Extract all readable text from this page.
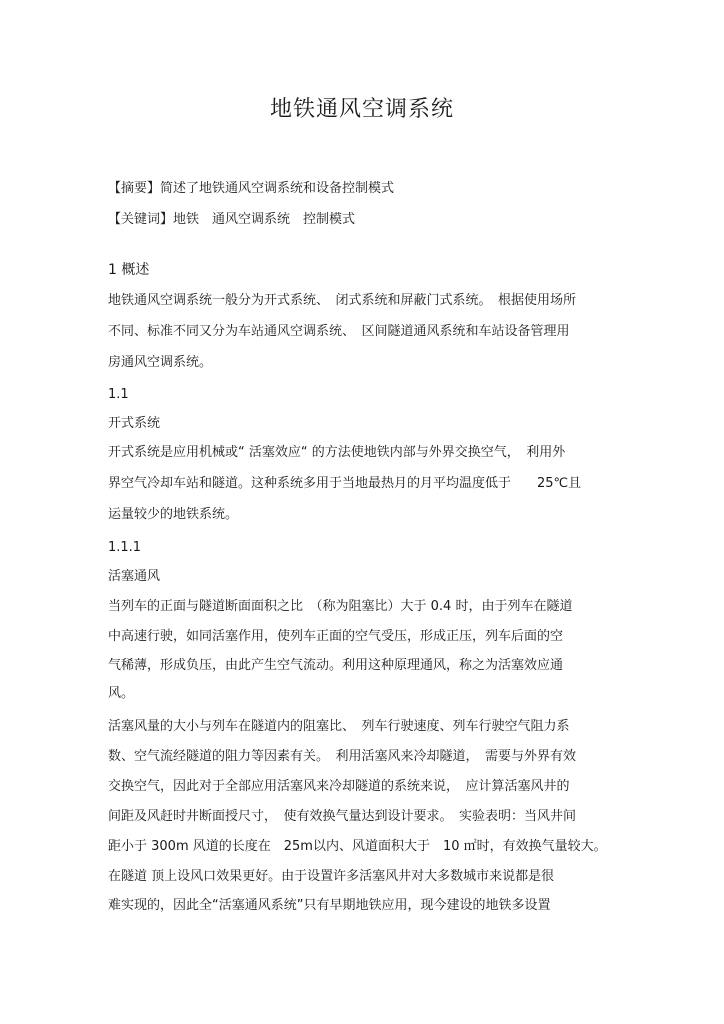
地铁通风空调系统
【摘要】简述了地铁通风空调系统和设备控制模式
【关键词】地铁　通风空调系统　控制模式
1 概述
地铁通风空调系统一般分为开式系统、　闭式系统和屏蔽门式系统。　根据使用场所
不同、标准不同又分为车站通风空调系统、　区间隧道通风系统和车站设备管理用
房通风空调系统。
1.1
开式系统
开式系统是应用机械或“ 活塞效应“ 的方法使地铁内部与外界交换空气，　利用外
界空气冷却车站和隧道。这种系统多用于当地最热月的月平均温度低于　　25℃且
运量较少的地铁系统。
1.1.1
活塞通风
当列车的正面与隧道断面面积之比　（称为阻塞比）大于 0.4 时，由于列车在隧道
中高速行驶，如同活塞作用，使列车正面的空气受压，形成正压，列车后面的空
气稀薄，形成负压，由此产生空气流动。利用这种原理通风，称之为活塞效应通
风。
活塞风量的大小与列车在隧道内的阻塞比、　列车行驶速度、列车行驶空气阻力系
数、空气流经隧道的阻力等因素有关。　利用活塞风来冷却隧道，　需要与外界有效
交换空气，因此对于全部应用活塞风来冷却隧道的系统来说，　应计算活塞风井的
间距及风赶时井断面授尺寸，　使有效换气量达到设计要求。　实验表明：当风井间
距小于 300m 风道的长度在　25m以内、风道面积大于　10 ㎡时，有效换气量较大。
在隧道 顶上设风口效果更好。由于设置许多活塞风井对大多数城市来说都是很
难实现的，因此全“活塞通风系统”只有早期地铁应用，现今建设的地铁多设置
